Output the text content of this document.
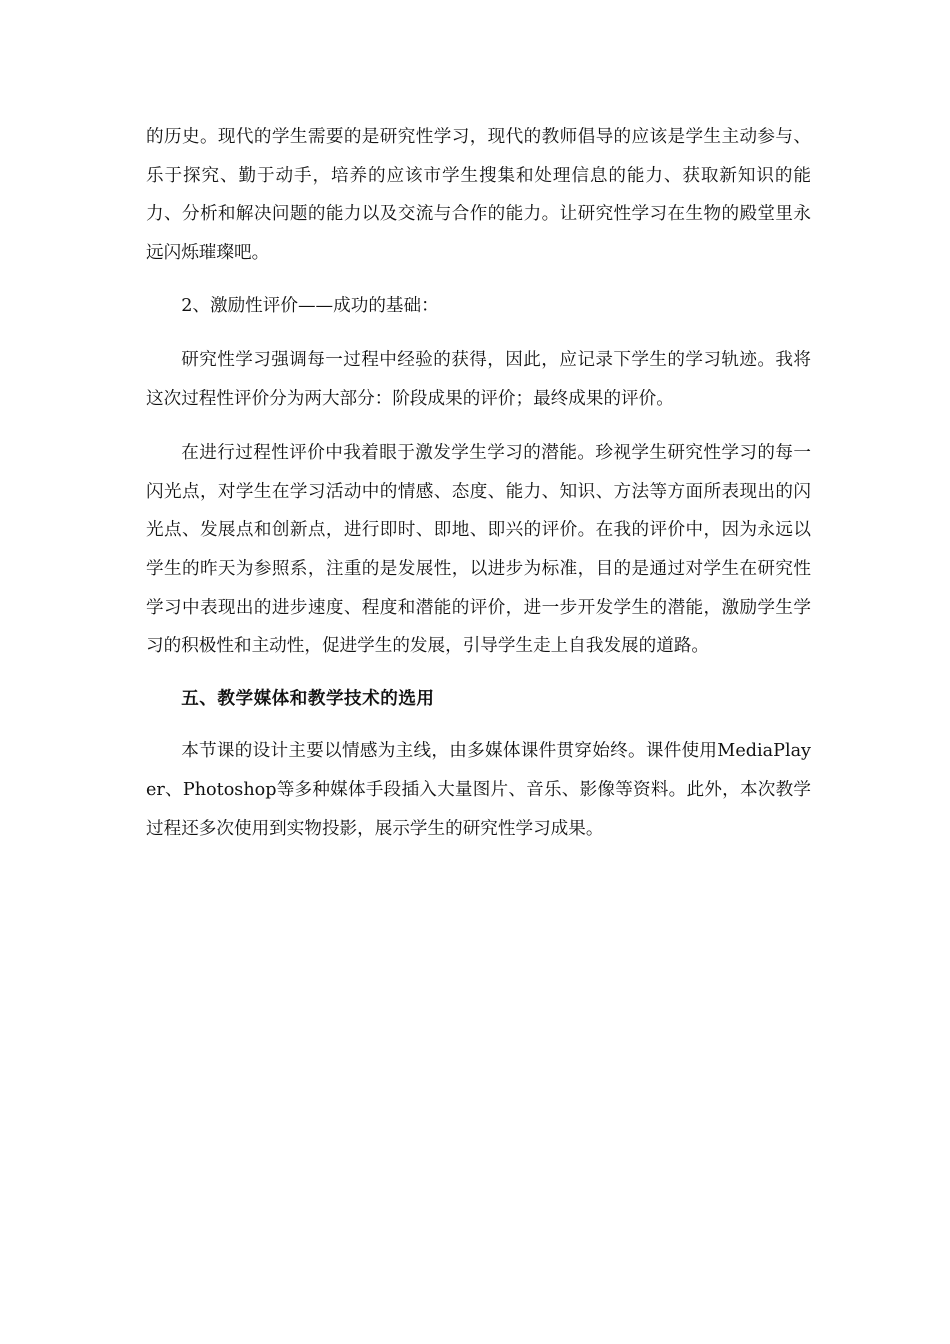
的历史。现代的学生需要的是研究性学习，现代的教师倡导的应该是学生主动参与、乐于探究、勤于动手，培养的应该市学生搜集和处理信息的能力、获取新知识的能力、分析和解决问题的能力以及交流与合作的能力。让研究性学习在生物的殿堂里永远闪烁璀璨吧。

2、激励性评价——成功的基础：

研究性学习强调每一过程中经验的获得，因此，应记录下学生的学习轨迹。我将这次过程性评价分为两大部分：阶段成果的评价；最终成果的评价。

在进行过程性评价中我着眼于激发学生学习的潜能。珍视学生研究性学习的每一闪光点，对学生在学习活动中的情感、态度、能力、知识、方法等方面所表现出的闪光点、发展点和创新点，进行即时、即地、即兴的评价。在我的评价中，因为永远以学生的昨天为参照系，注重的是发展性，以进步为标准，目的是通过对学生在研究性学习中表现出的进步速度、程度和潜能的评价，进一步开发学生的潜能，激励学生学习的积极性和主动性，促进学生的发展，引导学生走上自我发展的道路。

五、教学媒体和教学技术的选用

本节课的设计主要以情感为主线，由多媒体课件贯穿始终。课件使用MediaPlayer、Photoshop等多种媒体手段插入大量图片、音乐、影像等资料。此外，本次教学过程还多次使用到实物投影，展示学生的研究性学习成果。
